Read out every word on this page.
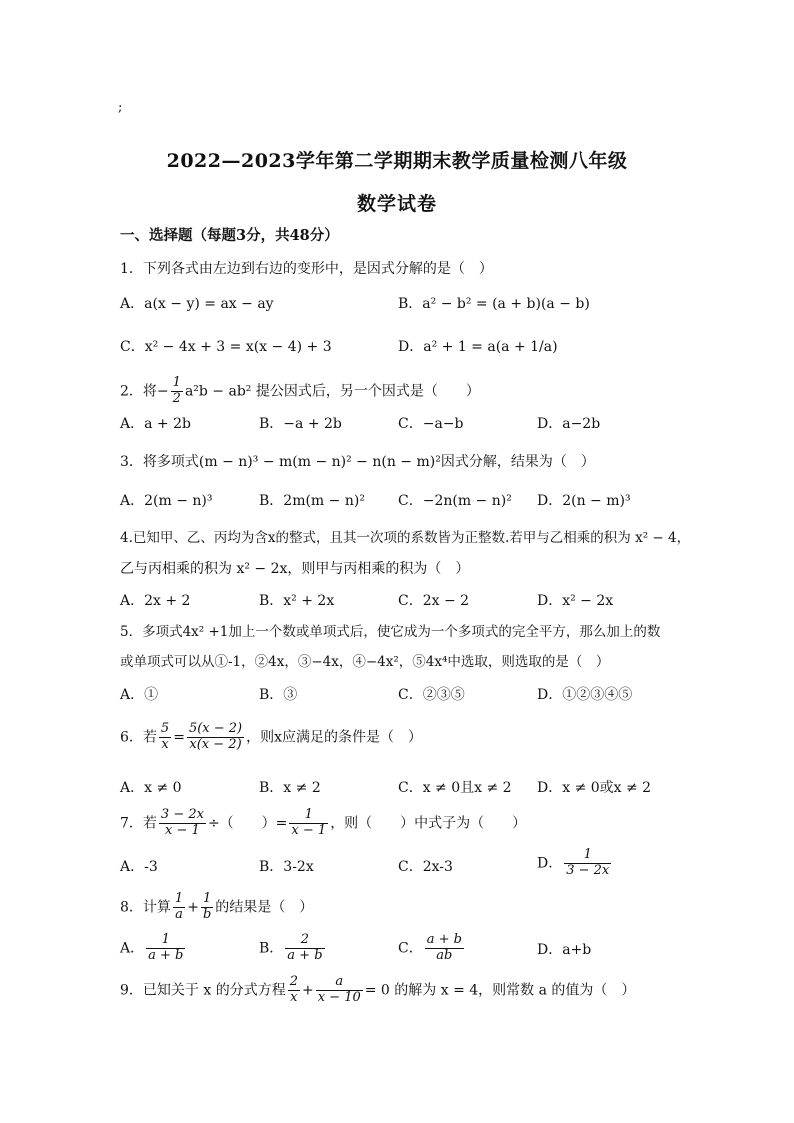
;
2022—2023学年第二学期期末教学质量检测八年级
数学试卷
一、选择题（每题3分，共48分）
1．下列各式由左边到右边的变形中，是因式分解的是（　）
A．a(x − y) = ax − ay	B．a² − b² = (a + b)(a − b)
C．x² − 4x + 3 = x(x − 4) + 3	D．a² + 1 = a(a + 1/a)
2．将− $\frac{1}{2} a^2b - ab^2$ 提公因式后，另一个因式是（　　）
A．a + 2b	B．−a + 2b	C．−a−b	D．a−2b
3．将多项式(m − n)³ − m(m − n)² − n(n − m)²因式分解，结果为（　）
A．2(m − n)³	B．2m(m − n)² C．−2n(m − n)² D．2(n − m)³
4.已知甲、乙、丙均为含x的整式，且其一次项的系数皆为正整数.若甲与乙相乘的积为 x² − 4，
乙与丙相乘的积为 x² − 2x，则甲与丙相乘的积为（　）
A．2x + 2	B．x² + 2x	C．2x − 2	D．x² − 2x
5．多项式4x² +1加上一个数或单项式后，使它成为一个多项式的完全平方，那么加上的数
或单项式可以从①-1，②4x，③−4x，④−4x²，⑤4x⁴中选取，则选取的是（　）
A．①	B．③	C．②③⑤	D．①②③④⑤
6．若 $\frac{5}{x} = \frac{5(x - 2)}{x(x - 2)}$ ，则x应满足的条件是（　）
A．x ≠ 0	B．x ≠ 2	C．x ≠ 0且x ≠ 2 D．x ≠ 0或x ≠ 2
7．若 $\frac{3 - 2x}{x - 1}$ ÷（　　）= $\frac{1}{x - 1}$ ，则（　　）中式子为（　　）
A．-3	B．3-2x	C．2x-3	D． $\frac{1}{3 - 2x}$
8．计算 $\frac{1}{a} + \frac{1}{b}$ 的结果是（　）
A． $\frac{1}{a + b}$	B． $\frac{2}{a + b}$	C． $\frac{a + b}{ab}$	D．a+b
9．已知关于 x 的分式方程 $\frac{2}{x} + \frac{a}{x - 10} = 0$ 的解为 x = 4，则常数 a 的值为（　）
